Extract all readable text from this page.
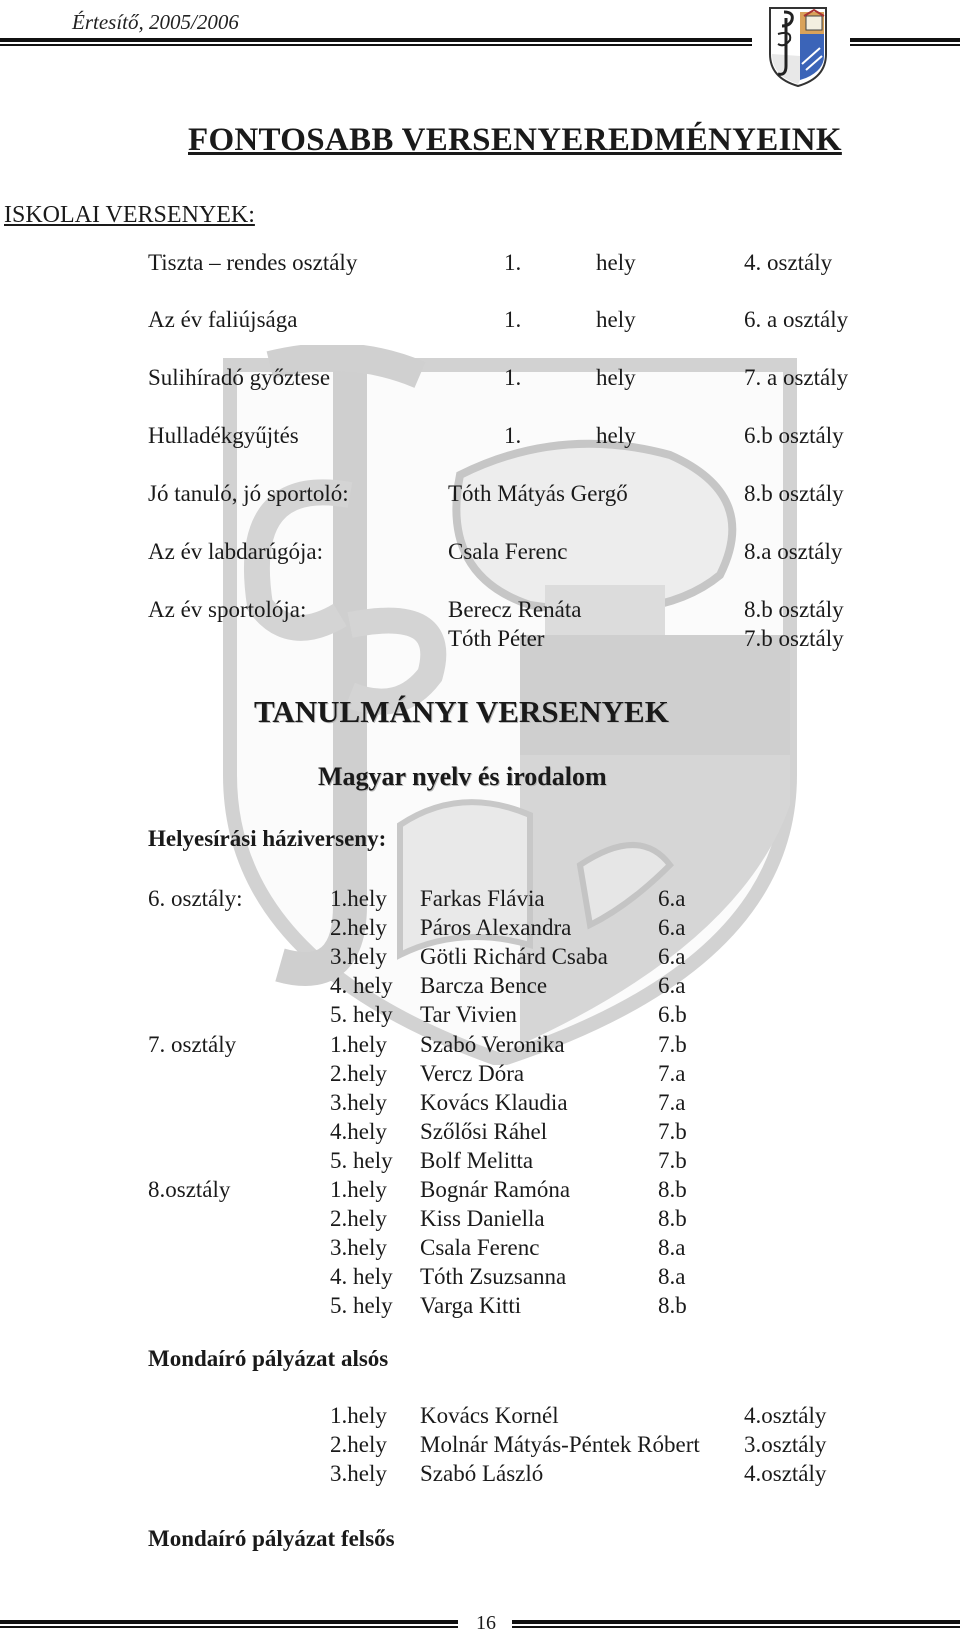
Értesítő, 2005/2006
FONTOSABB VERSENYEREDMÉNYEINK
ISKOLAI VERSENYEK:
Tiszta – rendes osztály	1.	hely	4. osztály
Az év faliújsága	1.	hely	6. a osztály
Sulihíradó győztese	1.	hely	7. a osztály
Hulladékgyűjtés	1.	hely	6.b osztály
Jó tanuló, jó sportoló:	Tóth Mátyás Gergő	8.b osztály
Az év labdarúgója:	Csala Ferenc	8.a osztály
Az év sportolója:	Berecz Renáta	8.b osztály
Tóth Péter	7.b osztály
TANULMÁNYI VERSENYEK
Magyar nyelv és irodalom
Helyesírási háziverseny:
6. osztály:	1.hely Farkas Flávia	6.a
2.hely Páros Alexandra	6.a
3.hely Götli Richárd Csaba 6.a
4. hely Barcza Bence	6.a
5. hely Tar Vivien	6.b
7. osztály	1.hely Szabó Veronika	7.b
2.hely Vercz Dóra	7.a
3.hely Kovács Klaudia	7.a
4.hely Szőlősi Ráhel	7.b
5. hely Bolf Melitta	7.b
8.osztály	1.hely Bognár Ramóna	8.b
2.hely Kiss Daniella	8.b
3.hely Csala Ferenc	8.a
4. hely Tóth Zsuzsanna	8.a
5. hely Varga Kitti	8.b
Mondaíró pályázat alsós
1.hely Kovács Kornél	4.osztály
2.hely Molnár Mátyás-Péntek Róbert 3.osztály
3.hely Szabó László	4.osztály
Mondaíró pályázat felsős
16
